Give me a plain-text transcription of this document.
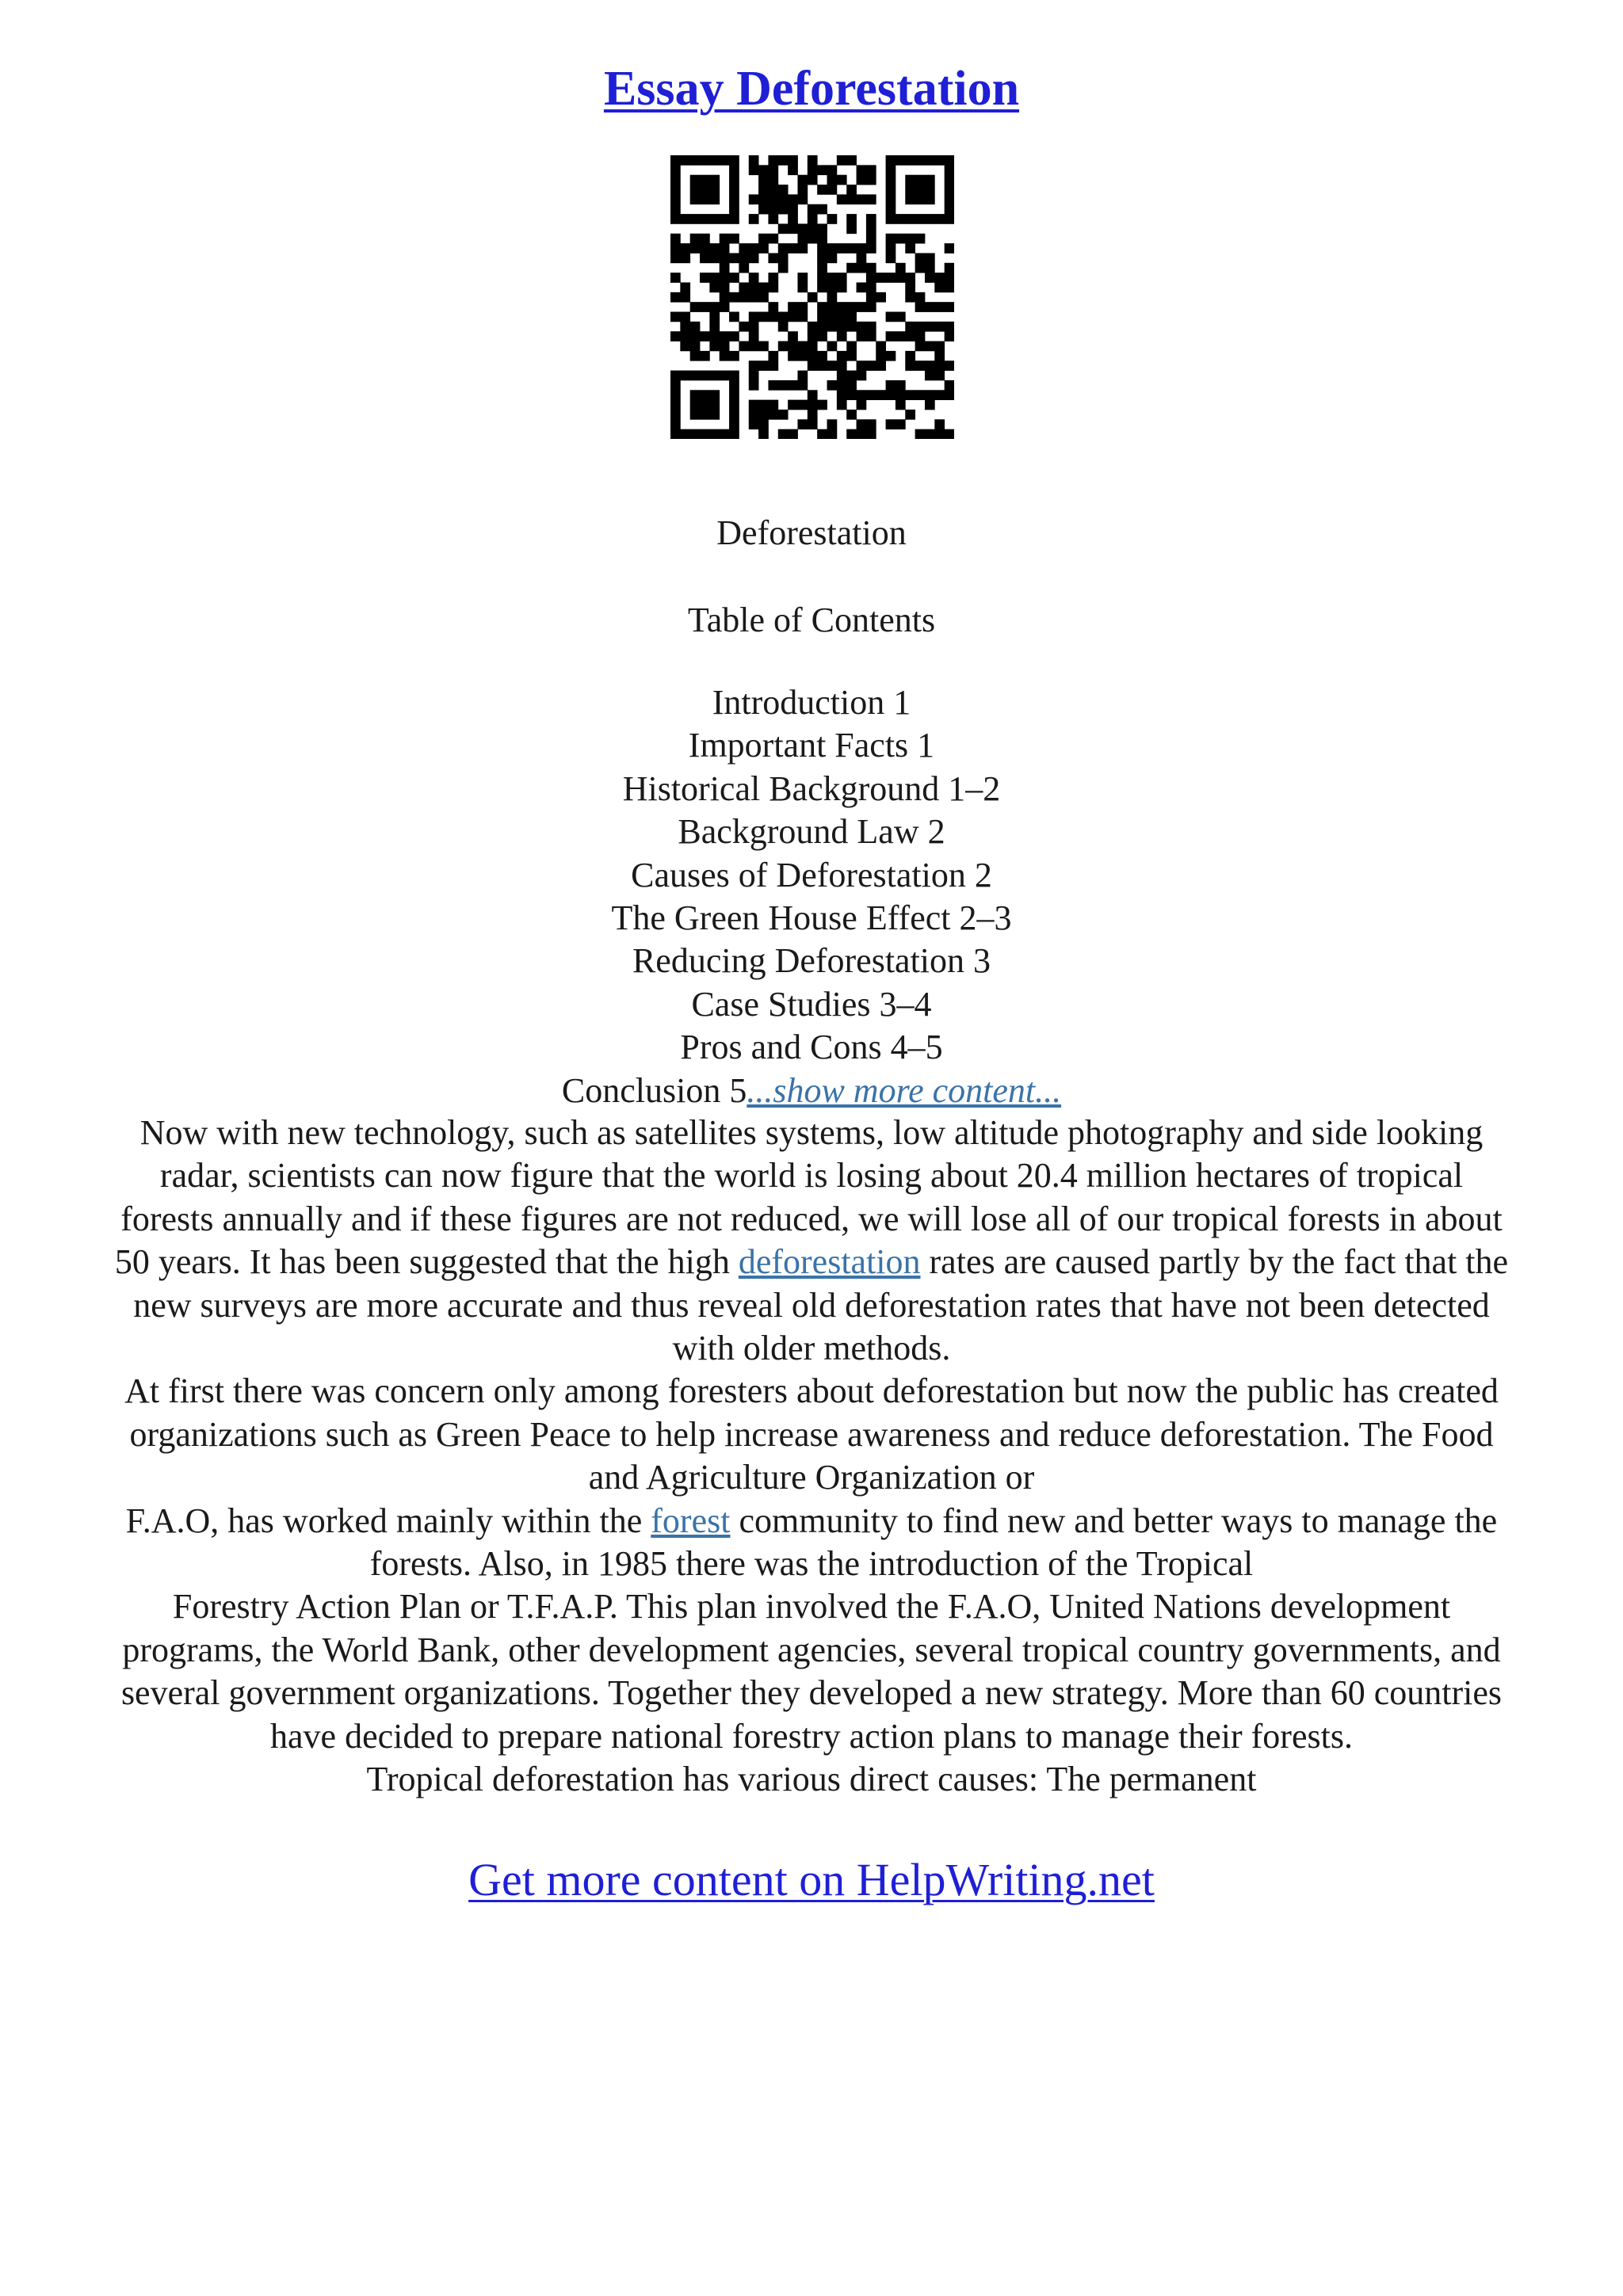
Essay Deforestation
Deforestation
Table of Contents
Introduction 1
Important Facts 1
Historical Background 1–2
Background Law 2
Causes of Deforestation 2
The Green House Effect 2–3
Reducing Deforestation 3
Case Studies 3–4
Pros and Cons 4–5
Conclusion 5...show more content...
Now with new technology, such as satellites systems, low altitude photography and side looking
radar, scientists can now figure that the world is losing about 20.4 million hectares of tropical
forests annually and if these figures are not reduced, we will lose all of our tropical forests in about
50 years. It has been suggested that the high deforestation rates are caused partly by the fact that the
new surveys are more accurate and thus reveal old deforestation rates that have not been detected
with older methods.
At first there was concern only among foresters about deforestation but now the public has created
organizations such as Green Peace to help increase awareness and reduce deforestation. The Food
and Agriculture Organization or
F.A.O, has worked mainly within the forest community to find new and better ways to manage the
forests. Also, in 1985 there was the introduction of the Tropical
Forestry Action Plan or T.F.A.P. This plan involved the F.A.O, United Nations development
programs, the World Bank, other development agencies, several tropical country governments, and
several government organizations. Together they developed a new strategy. More than 60 countries
have decided to prepare national forestry action plans to manage their forests.
Tropical deforestation has various direct causes: The permanent
Get more content on HelpWriting.net
